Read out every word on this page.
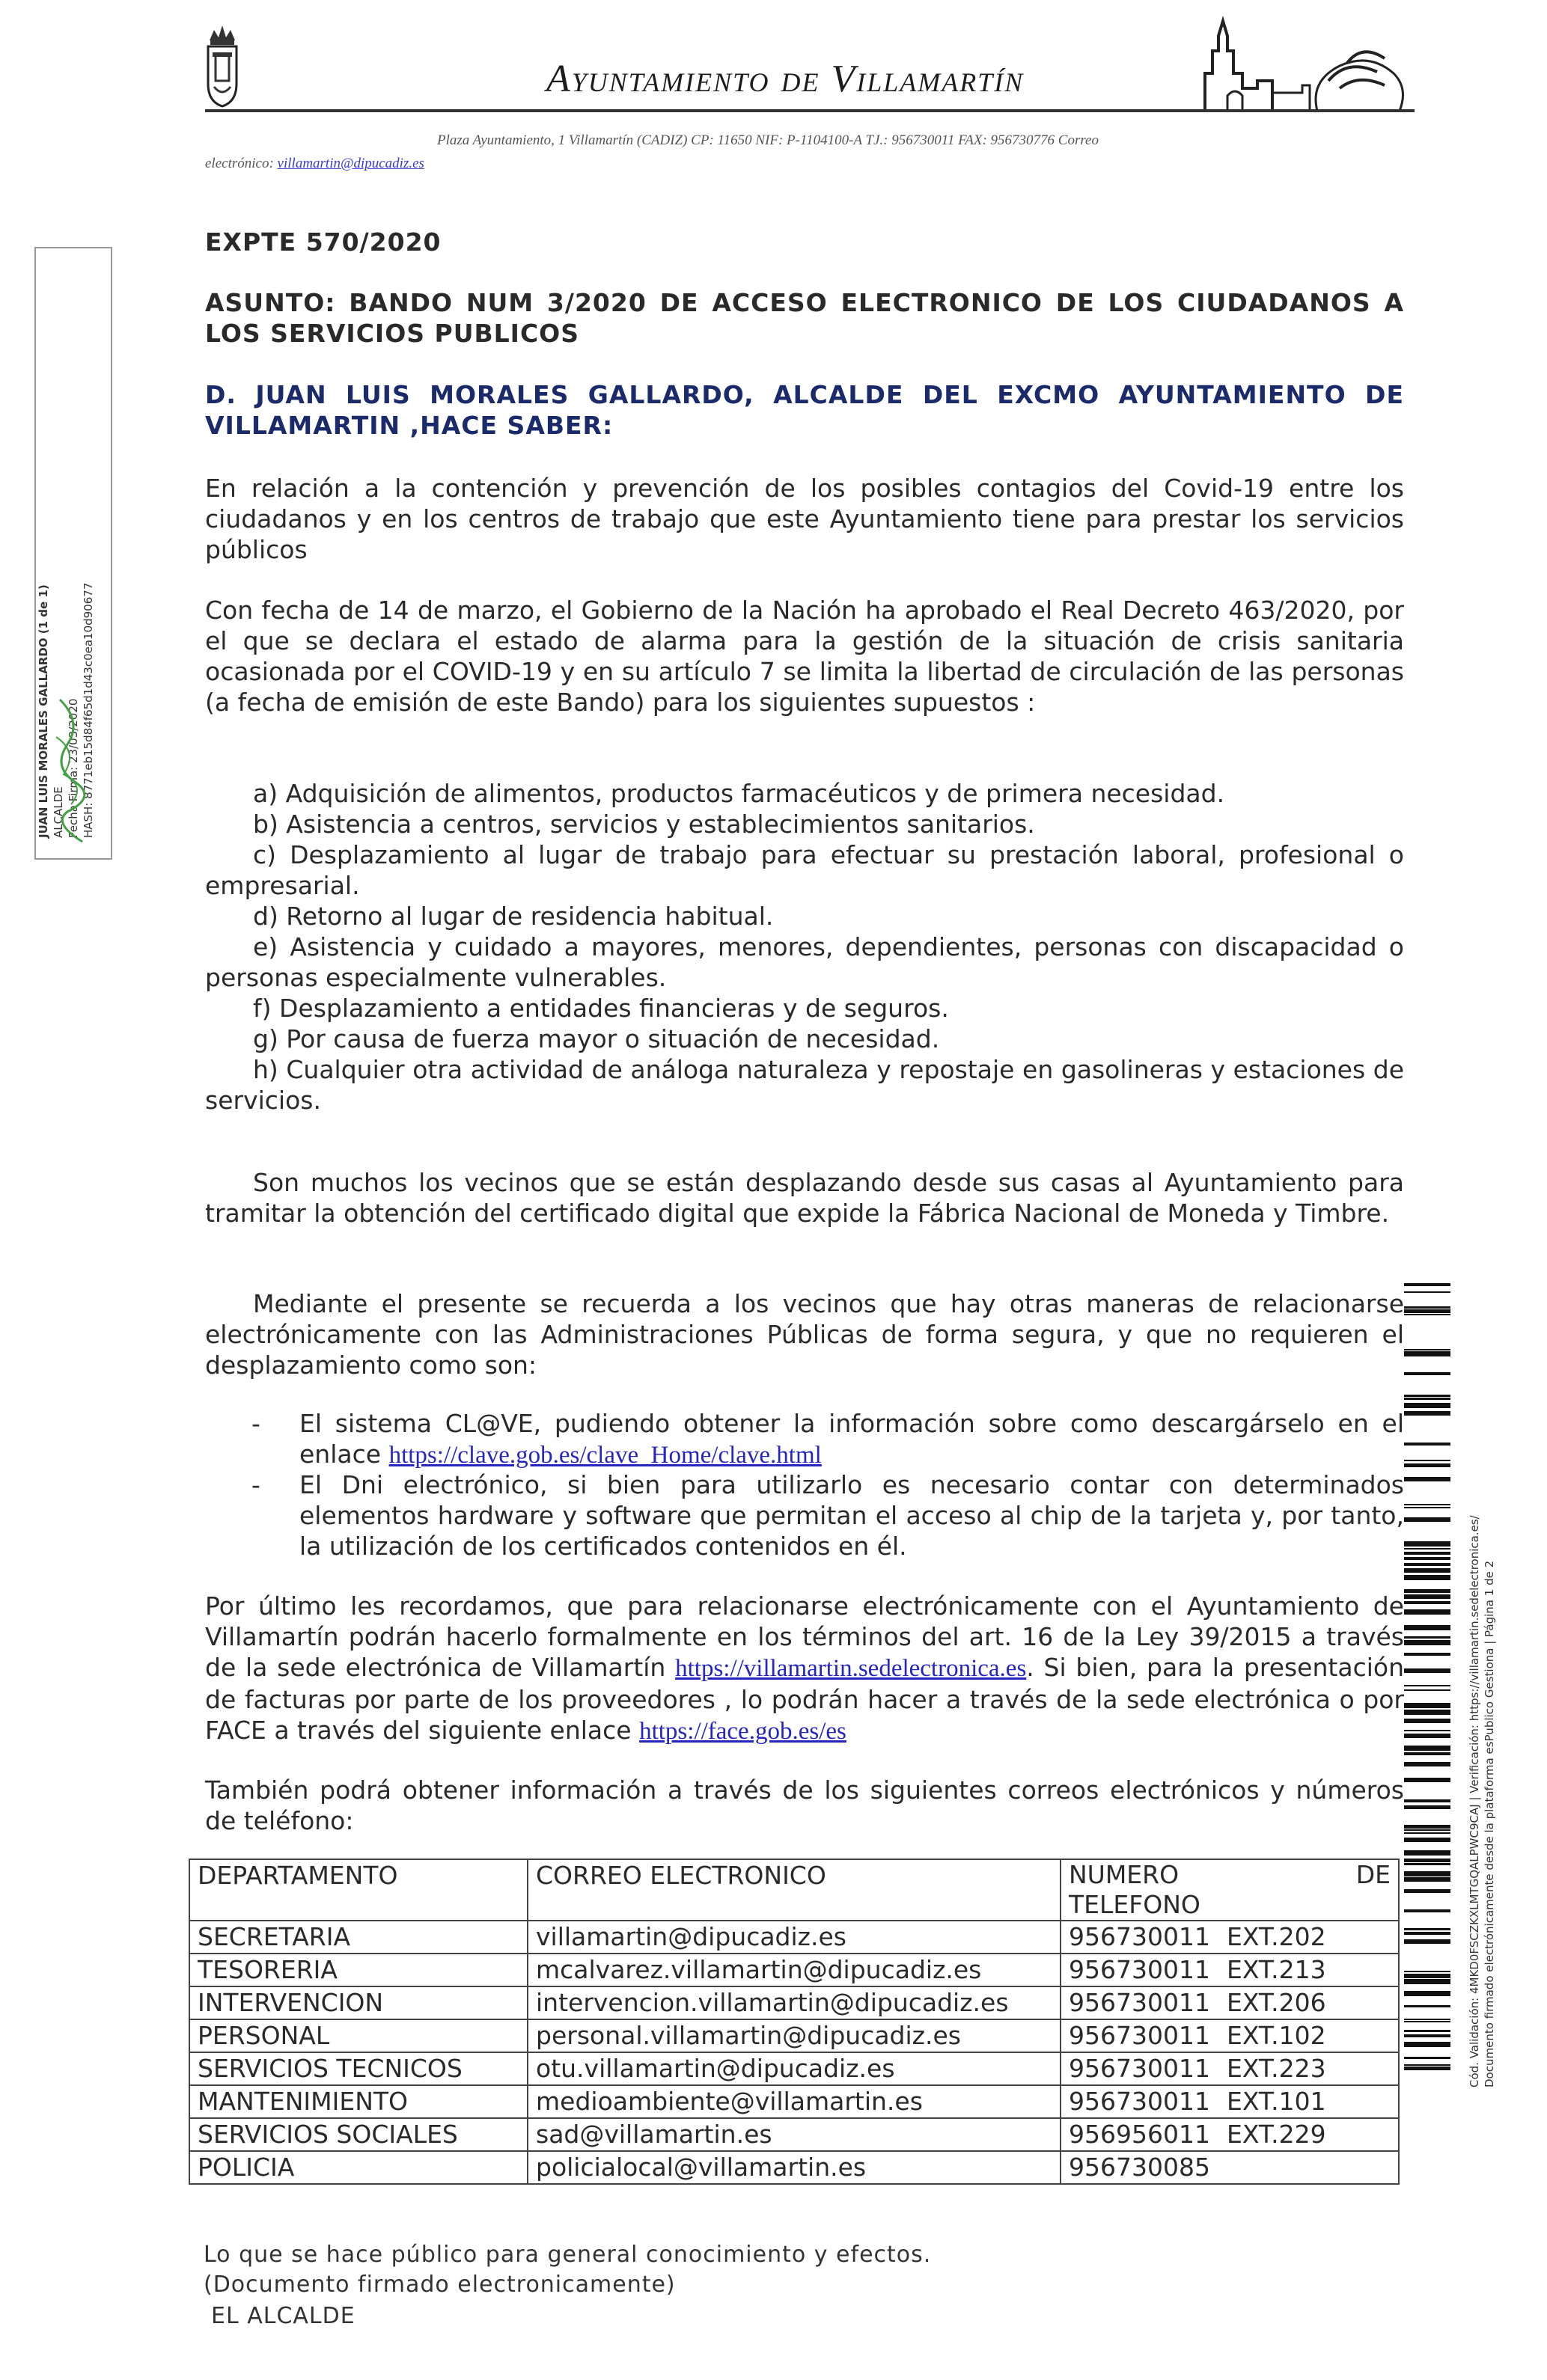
Ayuntamiento de Villamartín
Plaza Ayuntamiento, 1 Villamartín (CADIZ) CP: 11650 NIF: P-1104100-A TJ.: 956730011 FAX: 956730776 Correo
electrónico: villamartin@dipucadiz.es
JUAN LUIS MORALES GALLARDO (1 de 1) ALCALDE Fecha Firma: 23/03/2020 HASH: 8771eb15d84f65d1d43c0ea10d90677
Cód. Validación: 4MKD0FSCZKXLMTGQALPWC9CAJ | Verificación: https://villamartin.sedelectronica.es/ Documento firmado electrónicamente desde la plataforma esPublico Gestiona | Página 1 de 2
EXPTE 570/2020
ASUNTO: BANDO NUM 3/2020 DE ACCESO ELECTRONICO DE LOS CIUDADANOS A LOS SERVICIOS PUBLICOS
D. JUAN LUIS MORALES GALLARDO, ALCALDE DEL EXCMO AYUNTAMIENTO DE VILLAMARTIN ,HACE SABER:
En relación a la contención y prevención de los posibles contagios del Covid-19 entre los ciudadanos y en los centros de trabajo que este Ayuntamiento tiene para prestar los servicios públicos
Con fecha de 14 de marzo, el Gobierno de la Nación ha aprobado el Real Decreto 463/2020, por el que se declara el estado de alarma para la gestión de la situación de crisis sanitaria ocasionada por el COVID-19 y en su artículo 7 se limita la libertad de circulación de las personas (a fecha de emisión de este Bando) para los siguientes supuestos :
a) Adquisición de alimentos, productos farmacéuticos y de primera necesidad.
b) Asistencia a centros, servicios y establecimientos sanitarios.
c) Desplazamiento al lugar de trabajo para efectuar su prestación laboral, profesional o empresarial.
d) Retorno al lugar de residencia habitual.
e) Asistencia y cuidado a mayores, menores, dependientes, personas con discapacidad o personas especialmente vulnerables.
f) Desplazamiento a entidades financieras y de seguros.
g) Por causa de fuerza mayor o situación de necesidad.
h) Cualquier otra actividad de análoga naturaleza y repostaje en gasolineras y estaciones de servicios.
Son muchos los vecinos que se están desplazando desde sus casas al Ayuntamiento para tramitar la obtención del certificado digital que expide la Fábrica Nacional de Moneda y Timbre.
Mediante el presente se recuerda a los vecinos que hay otras maneras de relacionarse electrónicamente con las Administraciones Públicas de forma segura, y que no requieren el desplazamiento como son:
- El sistema CL@VE, pudiendo obtener la información sobre como descargárselo en el enlace https://clave.gob.es/clave_Home/clave.html
- El Dni electrónico, si bien para utilizarlo es necesario contar con determinados elementos hardware y software que permitan el acceso al chip de la tarjeta y, por tanto, la utilización de los certificados contenidos en él.
Por último les recordamos, que para relacionarse electrónicamente con el Ayuntamiento de Villamartín podrán hacerlo formalmente en los términos del art. 16 de la Ley 39/2015 a través de la sede electrónica de Villamartín https://villamartin.sedelectronica.es. Si bien, para la presentación de facturas por parte de los proveedores , lo podrán hacer a través de la sede electrónica o por FACE a través del siguiente enlace https://face.gob.es/es
También podrá obtener información a través de los siguientes correos electrónicos y números de teléfono:
DEPARTAMENTO	CORREO ELECTRONICO	NUMERO DE
TELEFONO

SECRETARIA	villamartin@dipucadiz.es	956730011 EXT.202
TESORERIA	mcalvarez.villamartin@dipucadiz.es	956730011 EXT.213
INTERVENCION	intervencion.villamartin@dipucadiz.es	956730011 EXT.206
PERSONAL	personal.villamartin@dipucadiz.es	956730011 EXT.102
SERVICIOS TECNICOS	otu.villamartin@dipucadiz.es	956730011 EXT.223
MANTENIMIENTO	medioambiente@villamartin.es	956730011 EXT.101
SERVICIOS SOCIALES	sad@villamartin.es	956956011 EXT.229
POLICIA	policialocal@villamartin.es	956730085
Lo que se hace público para general conocimiento y efectos.
(Documento firmado electronicamente)
EL ALCALDE
